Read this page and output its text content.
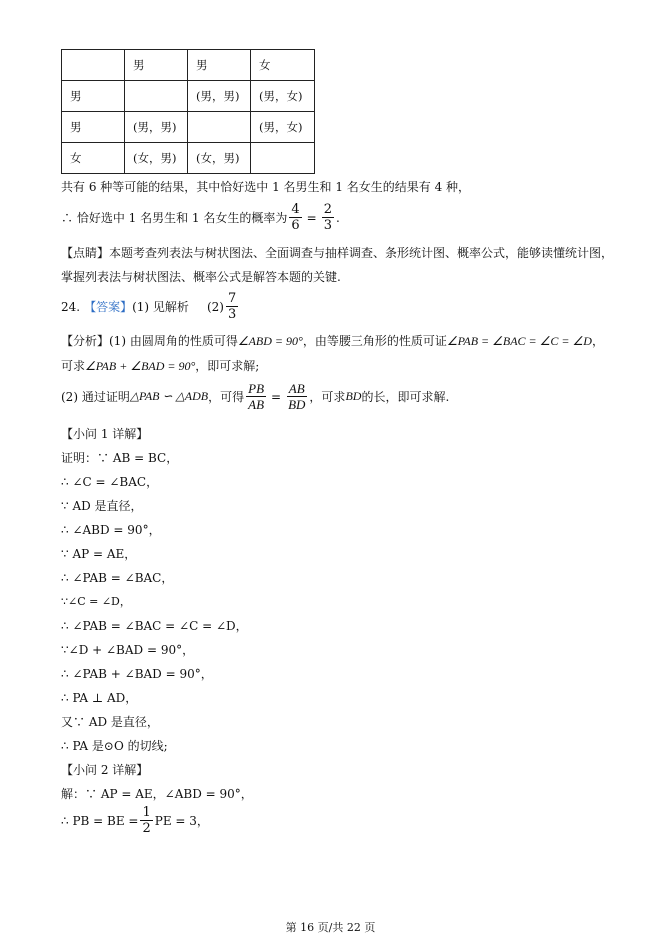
	男	男	女
男		(男，男)	(男，女)
男	(男，男)		(男，女)
女	(女，男)	(女，男)	
共有 6 种等可能的结果，其中恰好选中 1 名男生和 1 名女生的结果有 4 种，
∴ 恰好选中 1 名男生和 1 名女生的概率为 $\frac{4}{6} = \frac{2}{3}$ .
【点睛】本题考查列表法与树状图法、全面调查与抽样调查、条形统计图、概率公式，能够读懂统计图，
掌握列表法与树状图法、概率公式是解答本题的关键.
24. 【答案】 (1) 见解析 $(2) \frac{7}{3}$
【分析】(1) 由圆周角的性质可得∠ABD = 90°，由等腰三角形的性质可证∠PAB = ∠BAC = ∠C = ∠D，
可求∠PAB + ∠BAD = 90°，即可求解;
(2) 通过证明 △PAB ∽ △ADB ，可得 $\frac{PB}{AB} = \frac{AB}{BD}$ ，可求 BD 的长，即可求解.
【小问 1 详解】
证明：∵ AB = BC，
∴ ∠C = ∠BAC，
∵ AD 是直径，
∴ ∠ABD = 90°，
∵ AP = AE，
∴ ∠PAB = ∠BAC，
∵∠C = ∠D，
∴ ∠PAB = ∠BAC = ∠C = ∠D，
∵∠D + ∠BAD = 90°，
∴ ∠PAB + ∠BAD = 90°，
∴ PA ⊥ AD，
又∵ AD 是直径，
∴ PA 是⊙O 的切线;
【小问 2 详解】
解：∵ AP = AE，∠ABD = 90°，
∴ PB = BE = $\frac{1}{2}$ PE = 3，
第 16 页/共 22 页
